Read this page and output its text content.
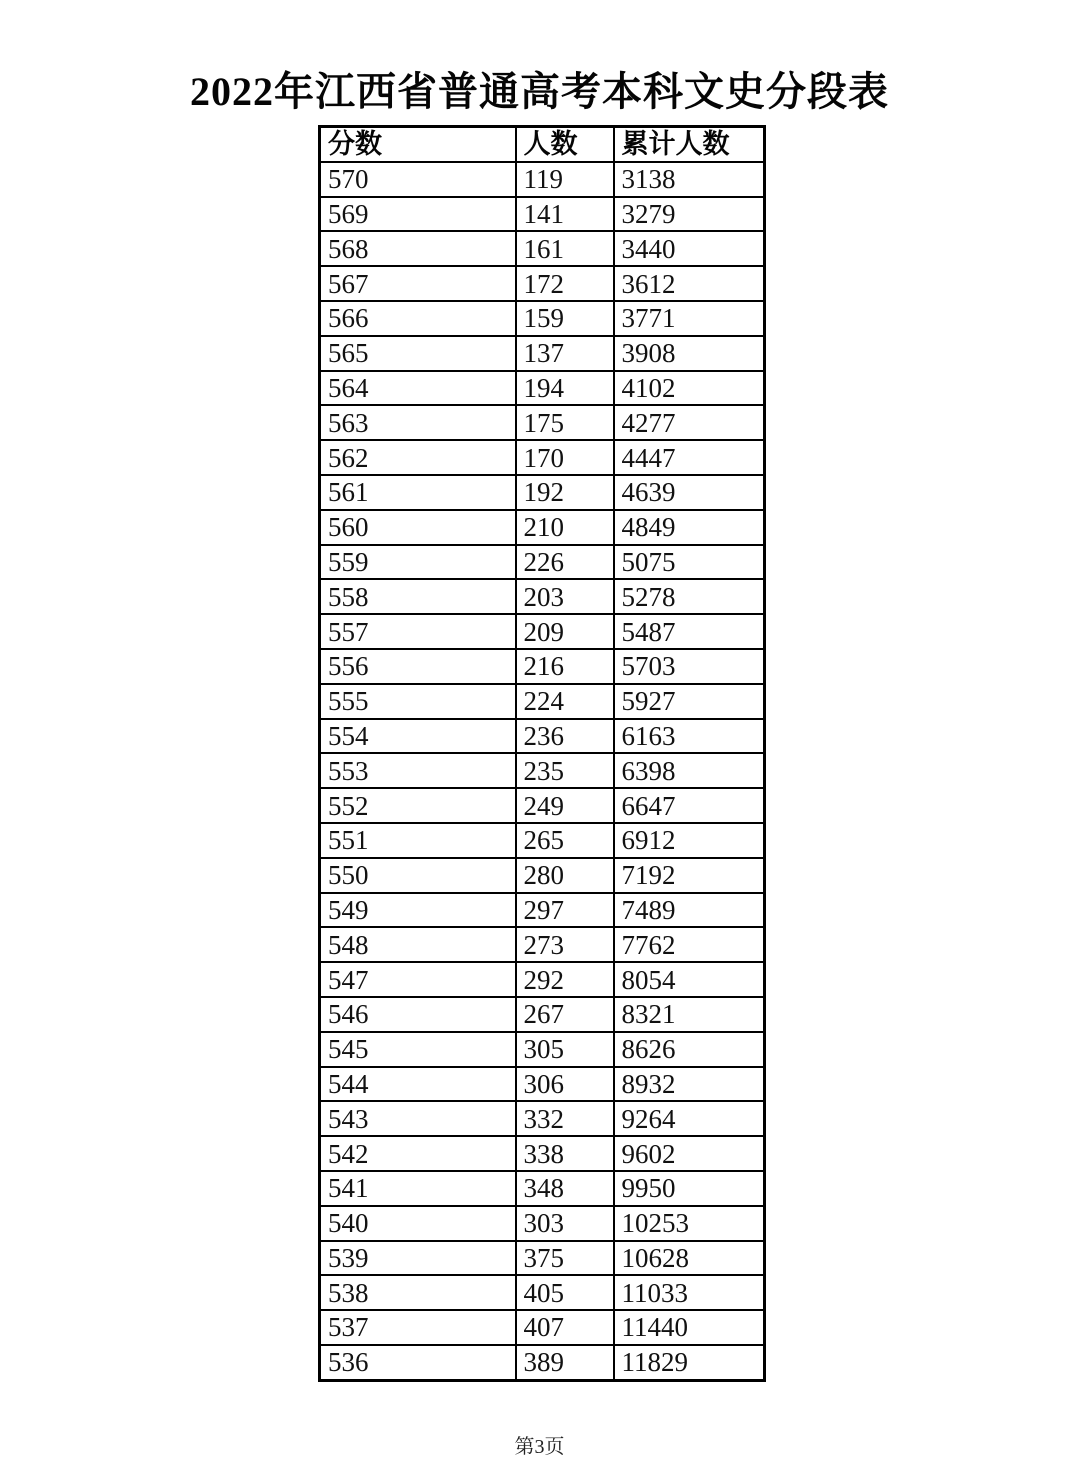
2022年江西省普通高考本科文史分段表
分数	人数	累计人数
570	119	3138
569	141	3279
568	161	3440
567	172	3612
566	159	3771
565	137	3908
564	194	4102
563	175	4277
562	170	4447
561	192	4639
560	210	4849
559	226	5075
558	203	5278
557	209	5487
556	216	5703
555	224	5927
554	236	6163
553	235	6398
552	249	6647
551	265	6912
550	280	7192
549	297	7489
548	273	7762
547	292	8054
546	267	8321
545	305	8626
544	306	8932
543	332	9264
542	338	9602
541	348	9950
540	303	10253
539	375	10628
538	405	11033
537	407	11440
536	389	11829
第3页
